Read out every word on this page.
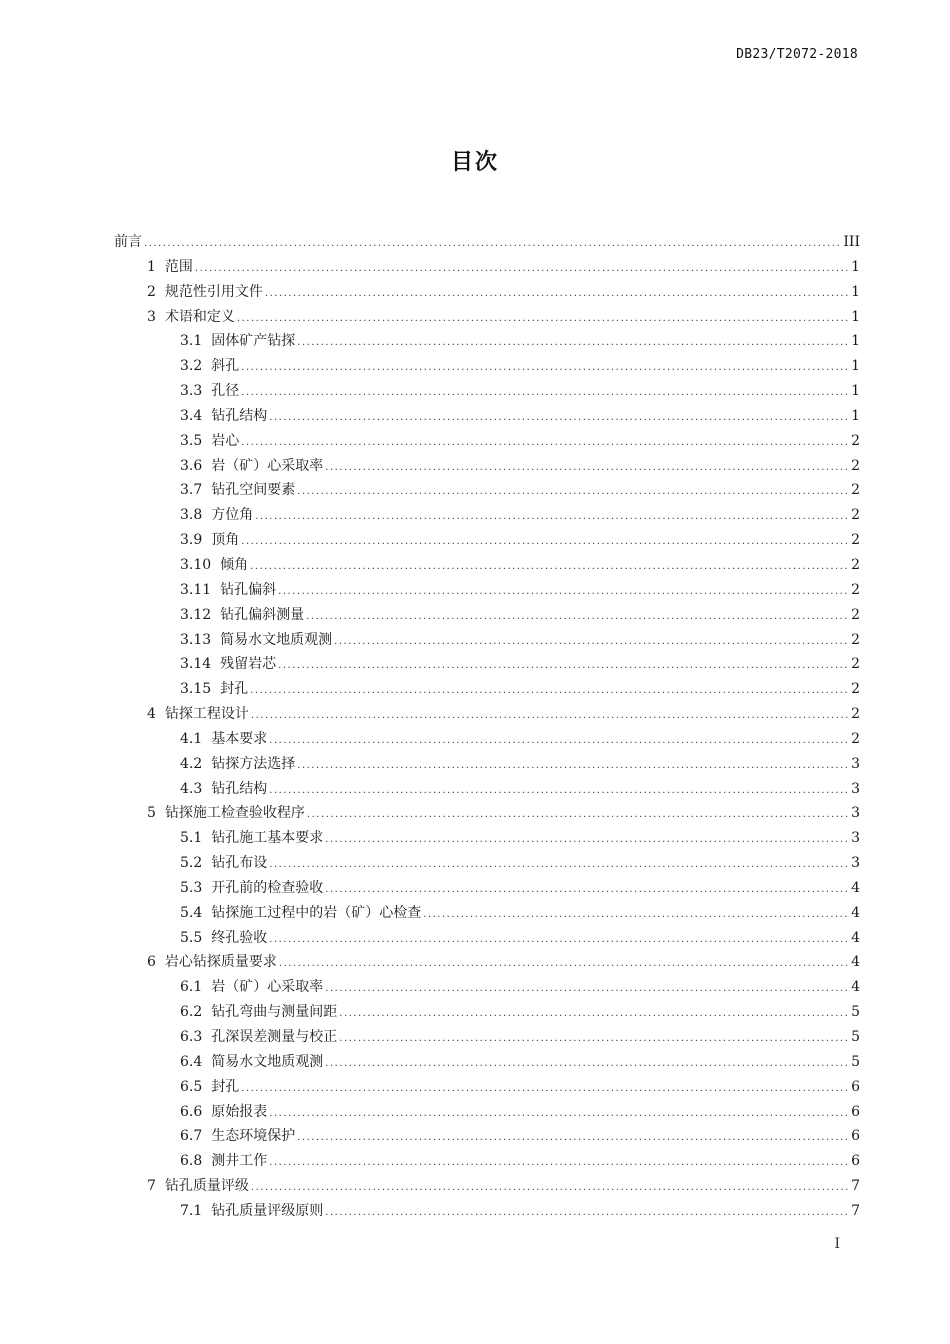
DB23/T2072-2018
目次
前言 .....	III
1 范围 .....	1
2 规范性引用文件 .....	1
3 术语和定义 .....	1
3.1 固体矿产钻探 .....	1
3.2 斜孔 .....	1
3.3 孔径 .....	1
3.4 钻孔结构 .....	1
3.5 岩心 .....	2
3.6 岩（矿）心采取率 .....	2
3.7 钻孔空间要素 .....	2
3.8 方位角 .....	2
3.9 顶角 .....	2
3.10 倾角 .....	2
3.11 钻孔偏斜 .....	2
3.12 钻孔偏斜测量 .....	2
3.13 简易水文地质观测 .....	2
3.14 残留岩芯 .....	2
3.15 封孔 .....	2
4 钻探工程设计 .....	2
4.1 基本要求 .....	2
4.2 钻探方法选择 .....	3
4.3 钻孔结构 .....	3
5 钻探施工检查验收程序 .....	3
5.1 钻孔施工基本要求 .....	3
5.2 钻孔布设 .....	3
5.3 开孔前的检查验收 .....	4
5.4 钻探施工过程中的岩（矿）心检查 .....	4
5.5 终孔验收 .....	4
6 岩心钻探质量要求 .....	4
6.1 岩（矿）心采取率 .....	4
6.2 钻孔弯曲与测量间距 .....	5
6.3 孔深误差测量与校正 .....	5
6.4 简易水文地质观测 .....	5
6.5 封孔 .....	6
6.6 原始报表 .....	6
6.7 生态环境保护 .....	6
6.8 测井工作 .....	6
7 钻孔质量评级 .....	7
7.1 钻孔质量评级原则 .....	7
I
